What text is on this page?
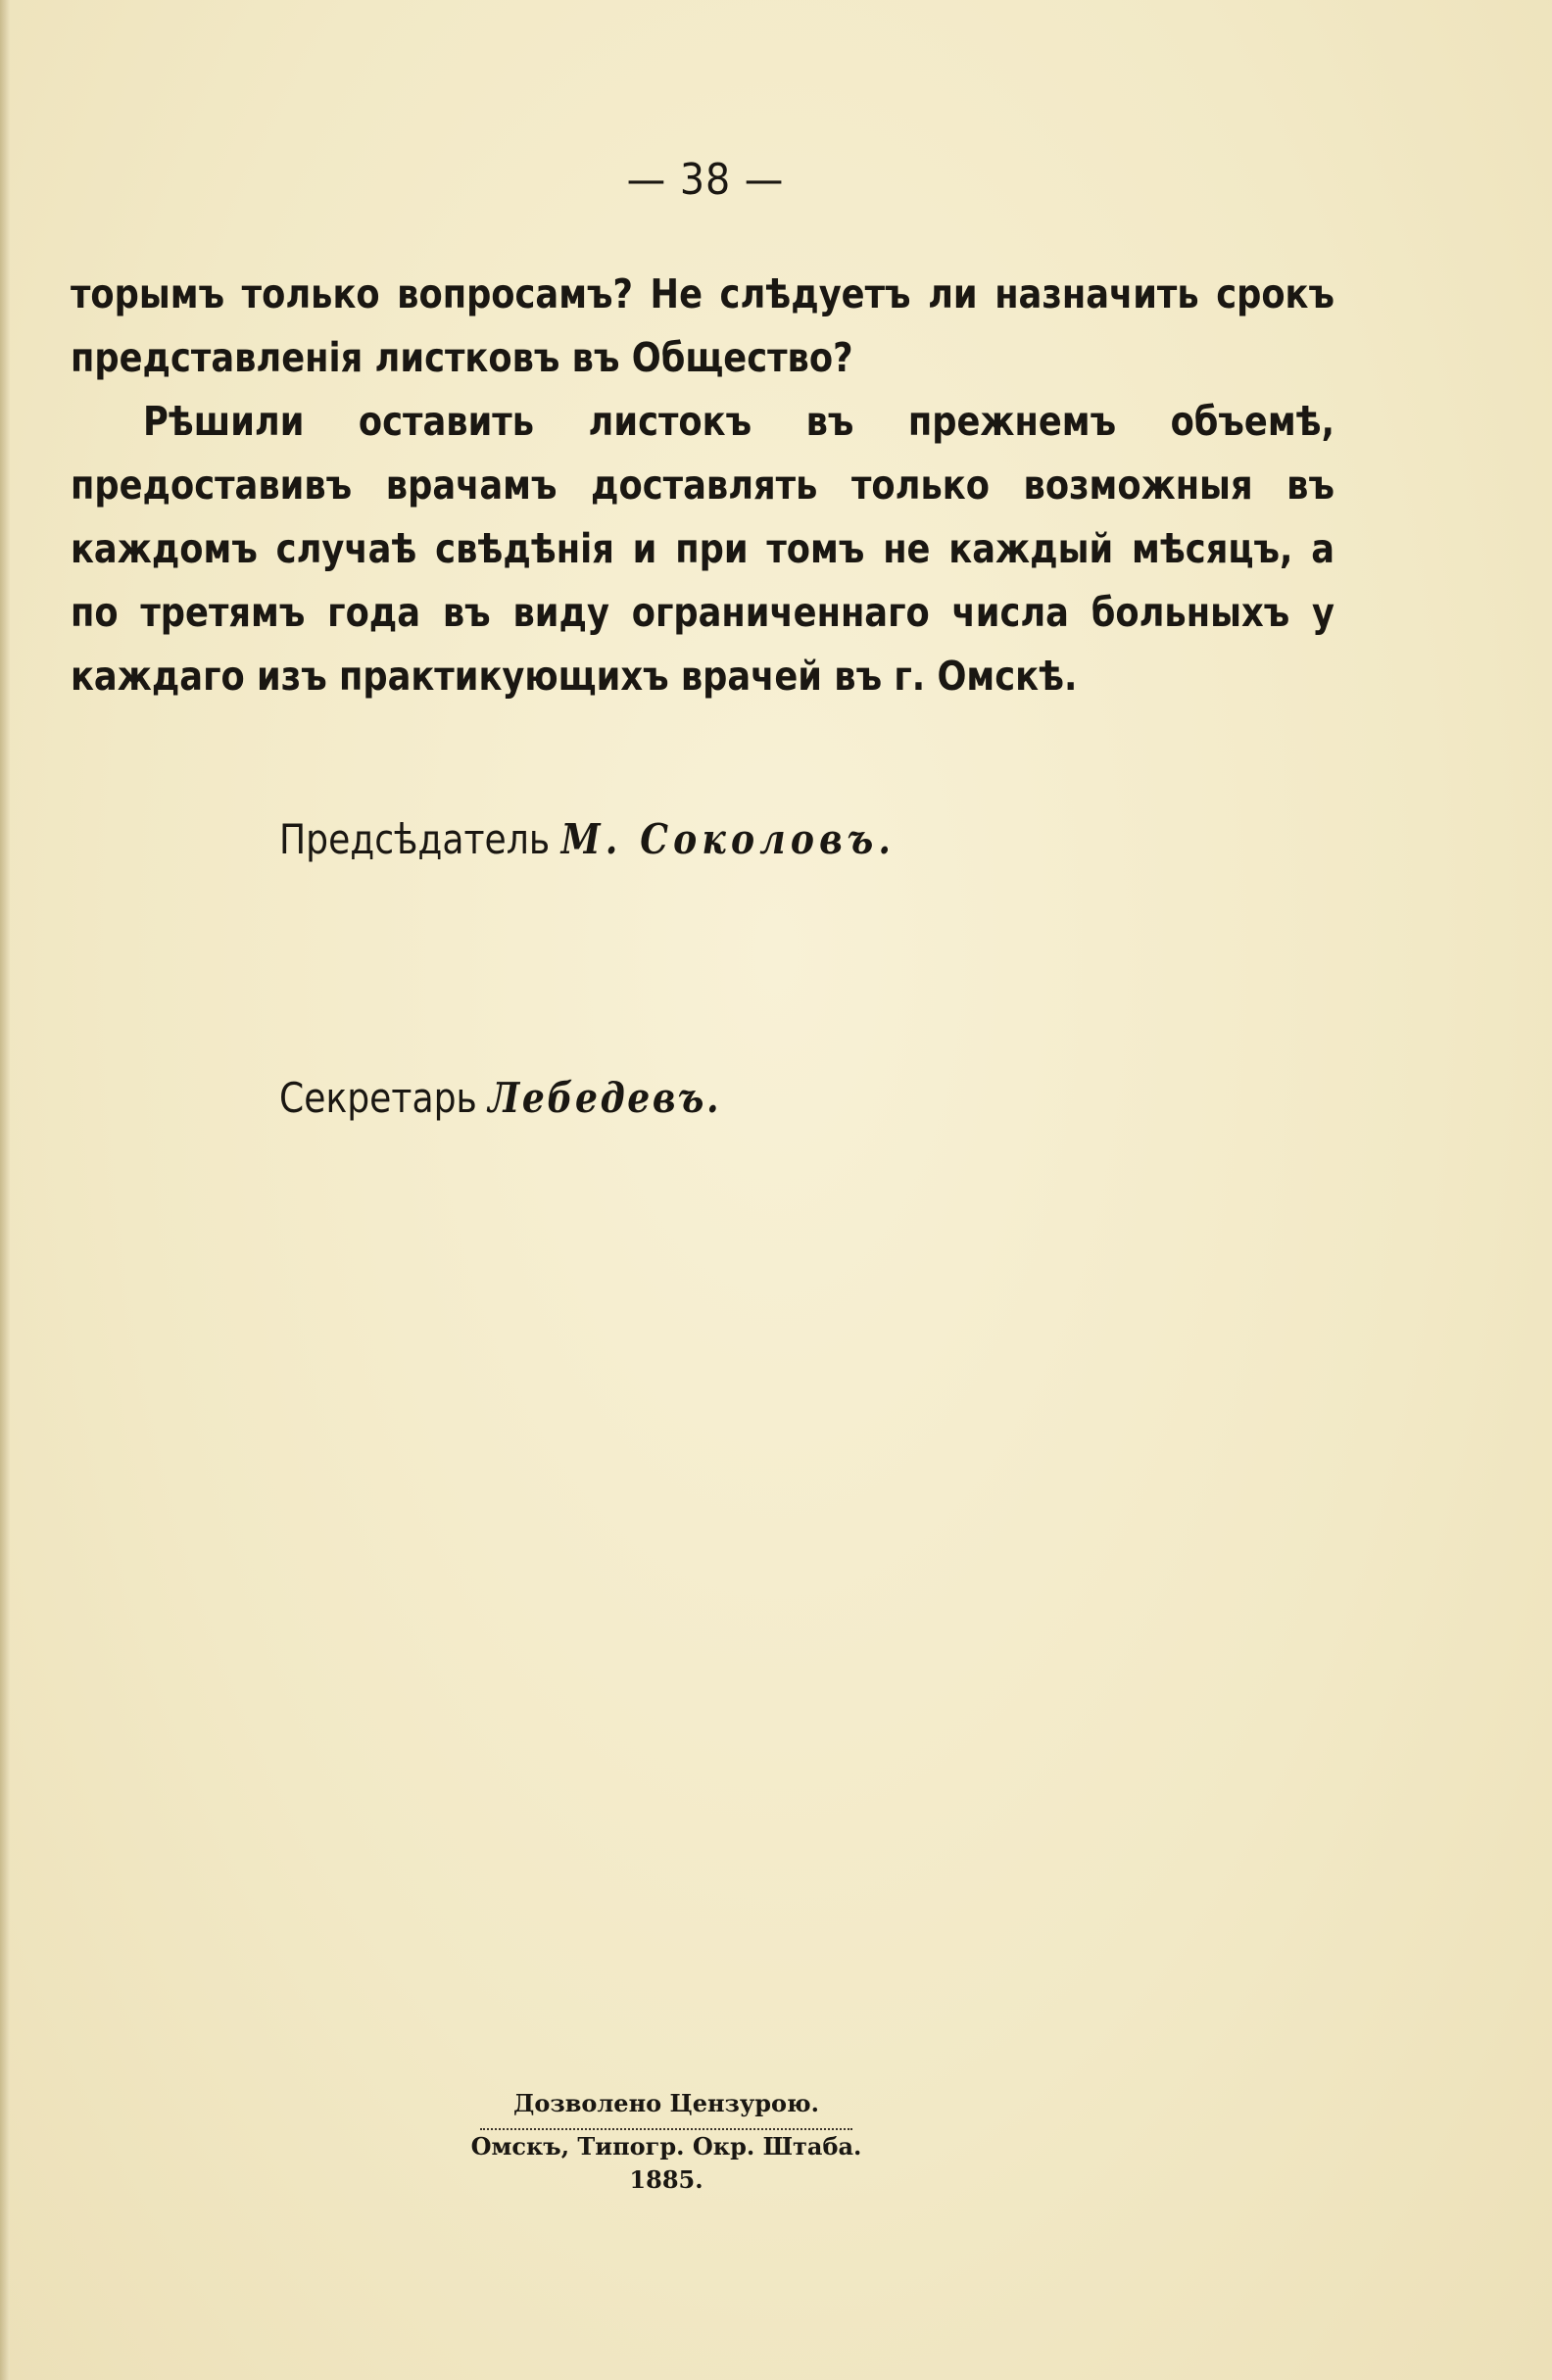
— 38 —

торымъ только вопросамъ? Не слѣдуетъ ли назначить срокъ представленія листковъ въ Общество?

Рѣшили оставить листокъ въ прежнемъ объемѣ, предоставивъ врачамъ доставлять только возможныя въ каждомъ случаѣ свѣдѣнія и при томъ не каждый мѣсяцъ, а по третямъ года въ виду ограниченнаго числа больныхъ у каждаго изъ практикующихъ врачей въ г. Омскѣ.

Предсѣдатель М. Соколовъ.
Секретарь Лебедевъ.
Дозволено Цензурою.
Омскъ, Типогр. Окр. Штаба.
1885.
